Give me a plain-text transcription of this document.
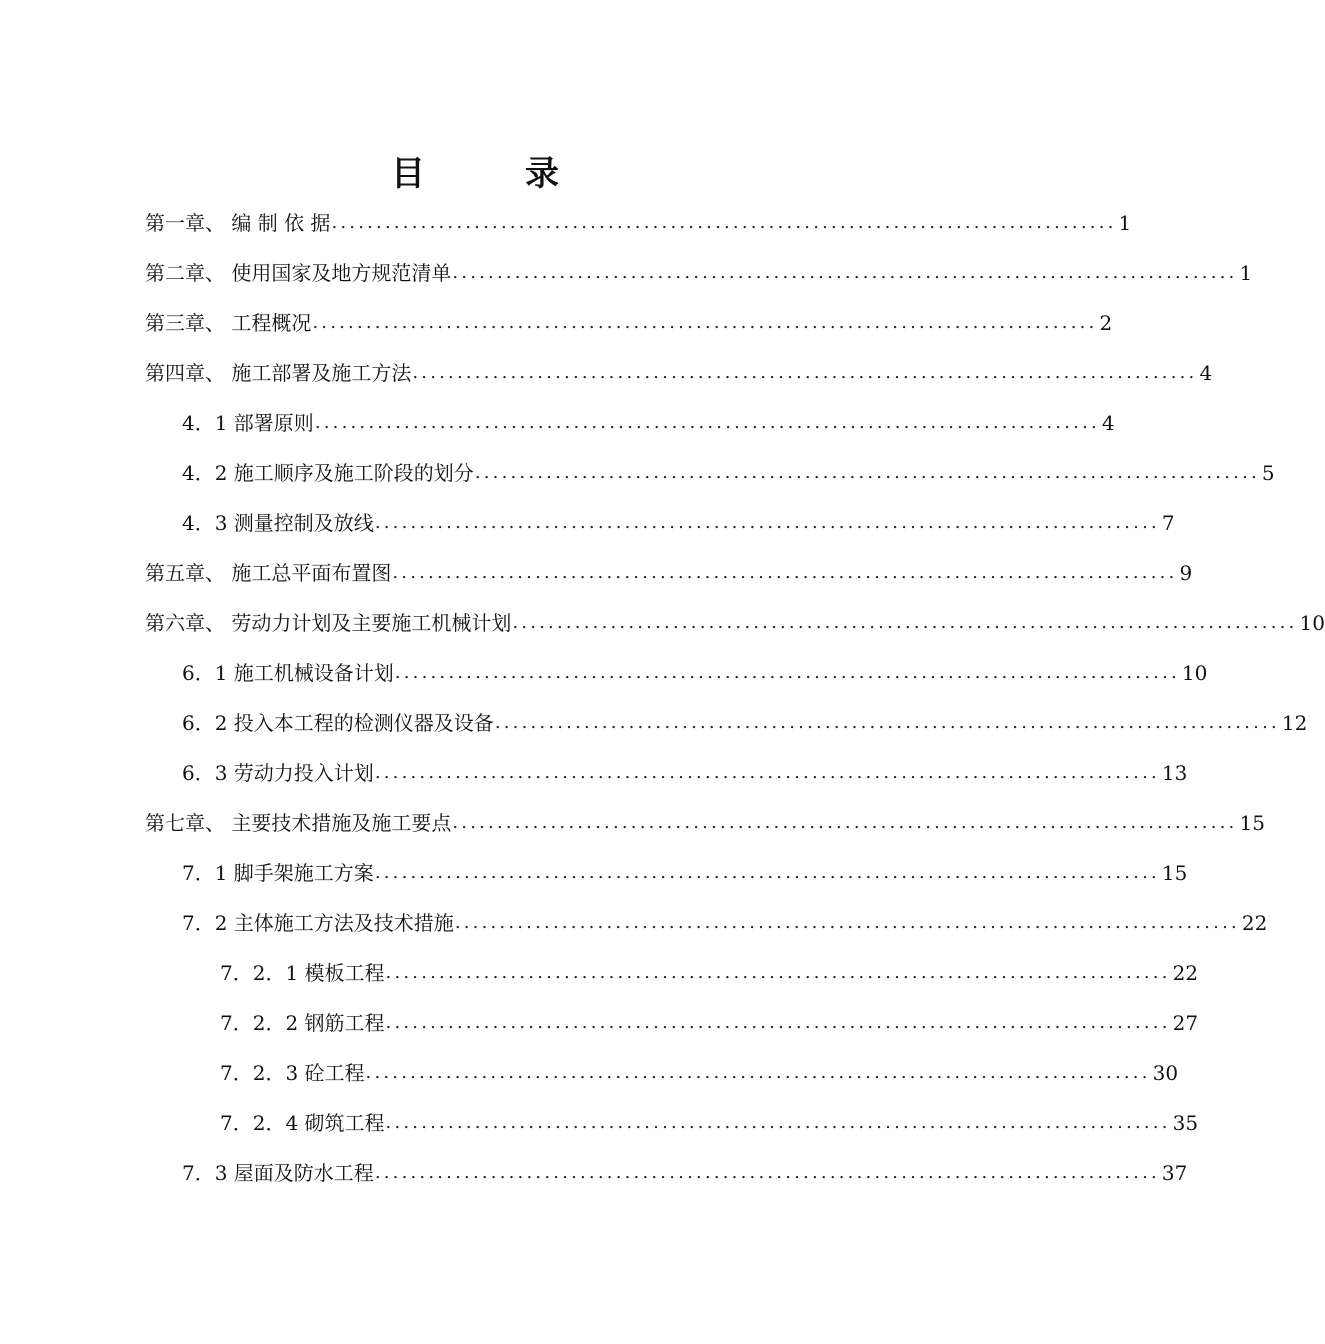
目	录
第一章、 编 制 依 据 ........................................................................................ 1
第二章、 使用国家及地方规范清单 ........................................................................................ 1
第三章、 工程概况 ........................................................................................ 2
第四章、 施工部署及施工方法 ........................................................................................ 4
4．1 部署原则 ........................................................................................ 4
4．2 施工顺序及施工阶段的划分 ........................................................................................ 5
4．3 测量控制及放线 ........................................................................................ 7
第五章、 施工总平面布置图 ........................................................................................ 9
第六章、 劳动力计划及主要施工机械计划 ........................................................................................ 10
6．1 施工机械设备计划 ........................................................................................ 10
6．2 投入本工程的检测仪器及设备 ........................................................................................ 12
6．3 劳动力投入计划 ........................................................................................ 13
第七章、 主要技术措施及施工要点 ........................................................................................ 15
7．1 脚手架施工方案 ........................................................................................ 15
7．2 主体施工方法及技术措施 ........................................................................................ 22
7．2．1 模板工程 ........................................................................................ 22
7．2．2 钢筋工程 ........................................................................................ 27
7．2．3 砼工程 ........................................................................................ 30
7．2．4 砌筑工程 ........................................................................................ 35
7．3 屋面及防水工程 ........................................................................................ 37
